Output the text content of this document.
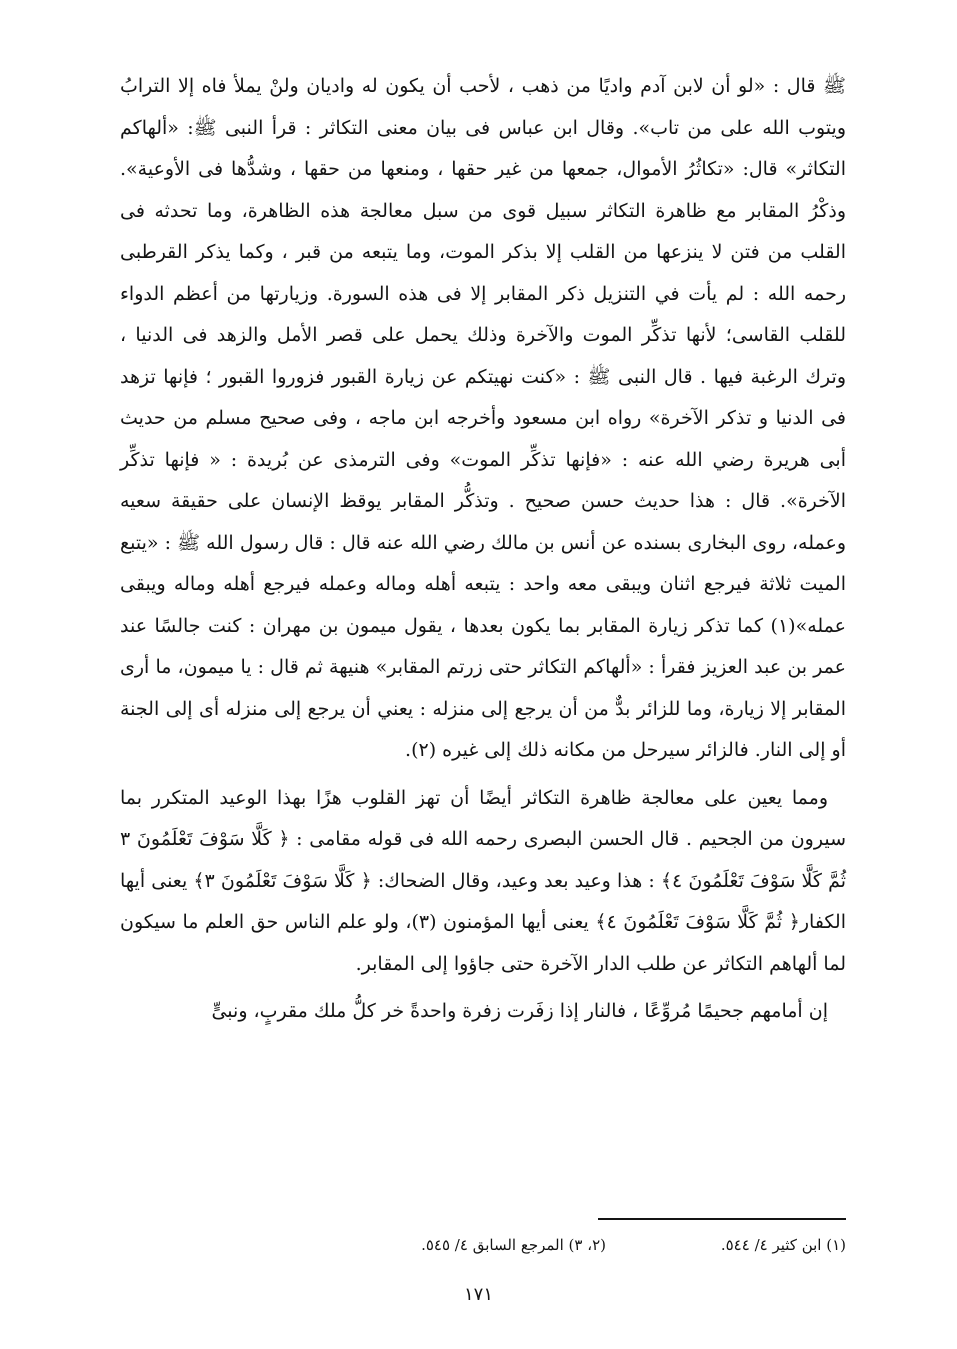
ﷺ قال : «لو أن لابن آدم واديًا من ذهب ، لأحب أن يكون له واديان ولنْ يملأ فاه إلا الترابُ ويتوب الله على من تاب». وقال ابن عباس فى بيان معنى التكاثر : قرأ النبى ﷺ: «ألهاكم التكاثر» قال: «تكاثُرُ الأموال، جمعها من غير حقها ، ومنعها من حقها ، وشدُّها فى الأوعية». وذكْرُ المقابر مع ظاهرة التكاثر سبيل قوى من سبل معالجة هذه الظاهرة، وما تحدثه فى القلب من فتن لا ينزعها من القلب إلا بذكر الموت، وما يتبعه من قبر ، وكما يذكر القرطبى رحمه الله : لم يأت في التنزيل ذكر المقابر إلا فى هذه السورة. وزيارتها من أعظم الدواء للقلب القاسى؛ لأنها تذكِّر الموت والآخرة وذلك يحمل على قصر الأمل والزهد فى الدنيا ، وترك الرغبة فيها . قال النبى ﷺ : «كنت نهيتكم عن زيارة القبور فزوروا القبور ؛ فإنها تزهد فى الدنيا و تذكر الآخرة» رواه ابن مسعود وأخرجه ابن ماجه ، وفى صحيح مسلم من حديث أبى هريرة رضي الله عنه : «فإنها تذكِّر الموت» وفى الترمذى عن بُريدة : « فإنها تذكِّر الآخرة». قال : هذا حديث حسن صحيح . وتذكُّر المقابر يوقظ الإنسان على حقيقة سعيه وعمله، روى البخارى بسنده عن أنس بن مالك رضي الله عنه قال : قال رسول الله ﷺ : «يتبع الميت ثلاثة فيرجع اثنان ويبقى معه واحد : يتبعه أهله وماله وعمله فيرجع أهله وماله ويبقى عمله»(١) كما تذكر زيارة المقابر بما يكون بعدها ، يقول ميمون بن مهران : كنت جالسًا عند عمر بن عبد العزيز فقرأ : «ألهاكم التكاثر حتى زرتم المقابر» هنيهة ثم قال : يا ميمون، ما أرى المقابر إلا زيارة، وما للزائر بدٌّ من أن يرجع إلى منزله : يعني أن يرجع إلى منزله أى إلى الجنة أو إلى النار. فالزائر سيرحل من مكانه ذلك إلى غيره (٢).

ومما يعين على معالجة ظاهرة التكاثر أيضًا أن تهز القلوب هزًا بهذا الوعيد المتكرر بما سيرون من الجحيم . قال الحسن البصرى رحمه الله فى قوله مقامى : ﴿ كَلَّا سَوْفَ تَعْلَمُونَ ٣ ثُمَّ كَلَّا سَوْفَ تَعْلَمُونَ ٤﴾ : هذا وعيد بعد وعيد، وقال الضحاك: ﴿ كَلَّا سَوْفَ تَعْلَمُونَ ٣﴾ يعنى أيها الكفار﴿ ثُمَّ كَلَّا سَوْفَ تَعْلَمُونَ ٤﴾ يعنى أيها المؤمنون (٣)، ولو علم الناس حق العلم ما سيكون لما ألهاهم التكاثر عن طلب الدار الآخرة حتى جاؤوا إلى المقابر.

إن أمامهم جحيمًا مُروِّعًا ، فالنار إذا زفَرت زفرة واحدةً خر كلُّ ملك مقربٍ، ونبىٍّ

(١) ابن كثير ٤/ ٥٤٤.
(٢، ٣) المرجع السابق ٤/ ٥٤٥.
١٧١
